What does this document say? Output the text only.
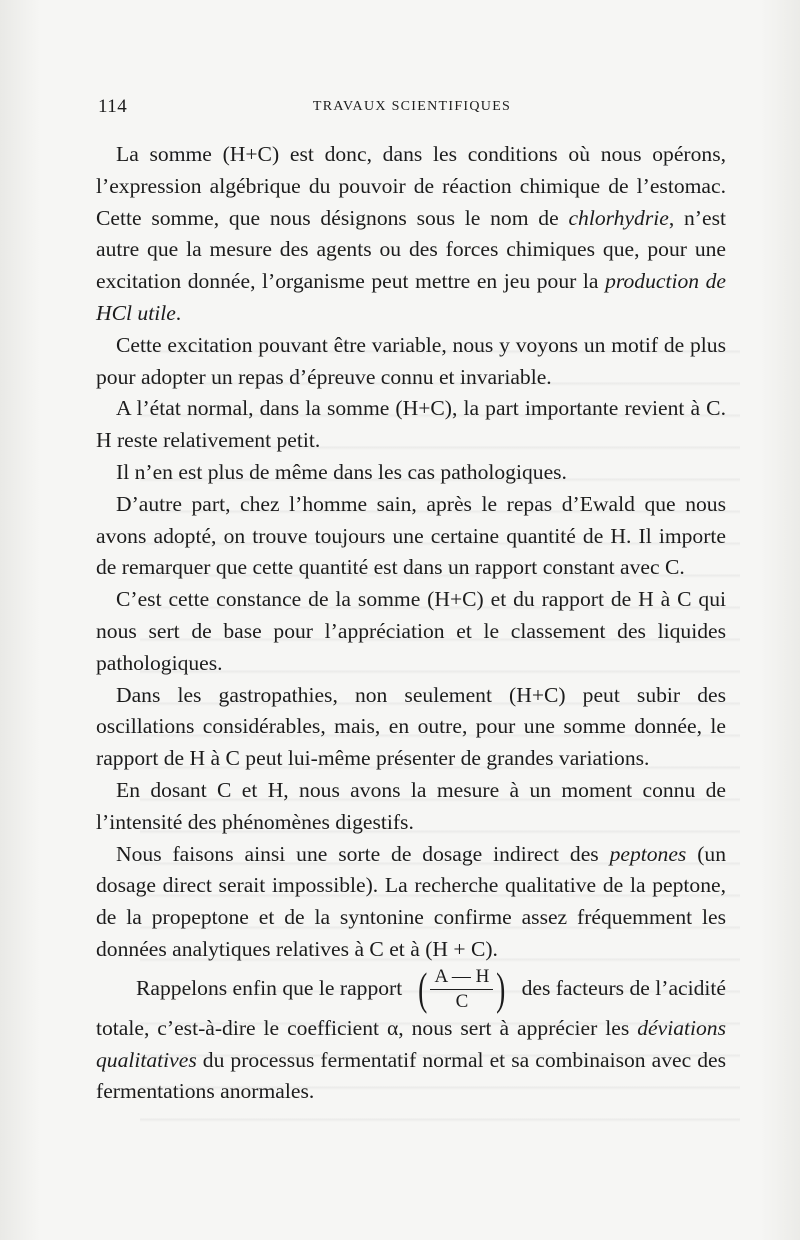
114	TRAVAUX SCIENTIFIQUES

La somme (H+C) est donc, dans les conditions où nous opérons, l’expression algébrique du pouvoir de réaction chimique de l’estomac. Cette somme, que nous désignons sous le nom de chlorhydrie, n’est autre que la mesure des agents ou des forces chimiques que, pour une excitation donnée, l’organisme peut mettre en jeu pour la production de HCl utile.

Cette excitation pouvant être variable, nous y voyons un motif de plus pour adopter un repas d’épreuve connu et invariable.

A l’état normal, dans la somme (H+C), la part importante revient à C. H reste relativement petit.

Il n’en est plus de même dans les cas pathologiques.

D’autre part, chez l’homme sain, après le repas d’Ewald que nous avons adopté, on trouve toujours une certaine quantité de H. Il importe de remarquer que cette quantité est dans un rapport constant avec C.

C’est cette constance de la somme (H+C) et du rapport de H à C qui nous sert de base pour l’appréciation et le classement des liquides pathologiques.

Dans les gastropathies, non seulement (H+C) peut subir des oscillations considérables, mais, en outre, pour une somme donnée, le rapport de H à C peut lui-même présenter de grandes variations.

En dosant C et H, nous avons la mesure à un moment connu de l’intensité des phénomènes digestifs.

Nous faisons ainsi une sorte de dosage indirect des peptones (un dosage direct serait impossible). La recherche qualitative de la peptone, de la propeptone et de la syntonine confirme assez fréquemment les données analytiques relatives à C et à (H + C).

Rappelons enfin que le rapport ( $\frac{A — H}{C}$ ) des facteurs de l’acidité

totale, c’est-à-dire le coefficient α, nous sert à apprécier les déviations qualitatives du processus fermentatif normal et sa combinaison avec des fermentations anormales.
